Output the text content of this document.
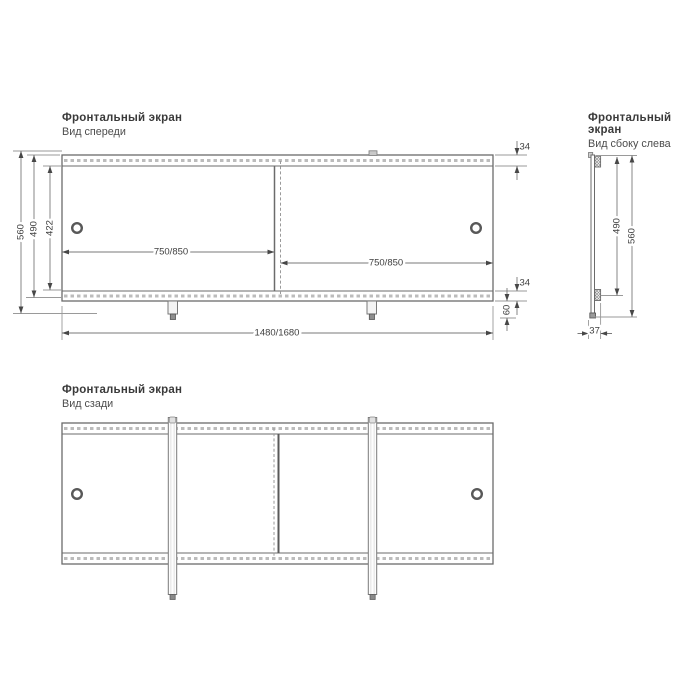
Фронтальный экран
Вид спереди
Фронтальный экран
Вид сбоку слева
Фронтальный экран
Вид сзади
560 490 422
750/850
750/850
1480/1680
34
34
60
490
560
37
